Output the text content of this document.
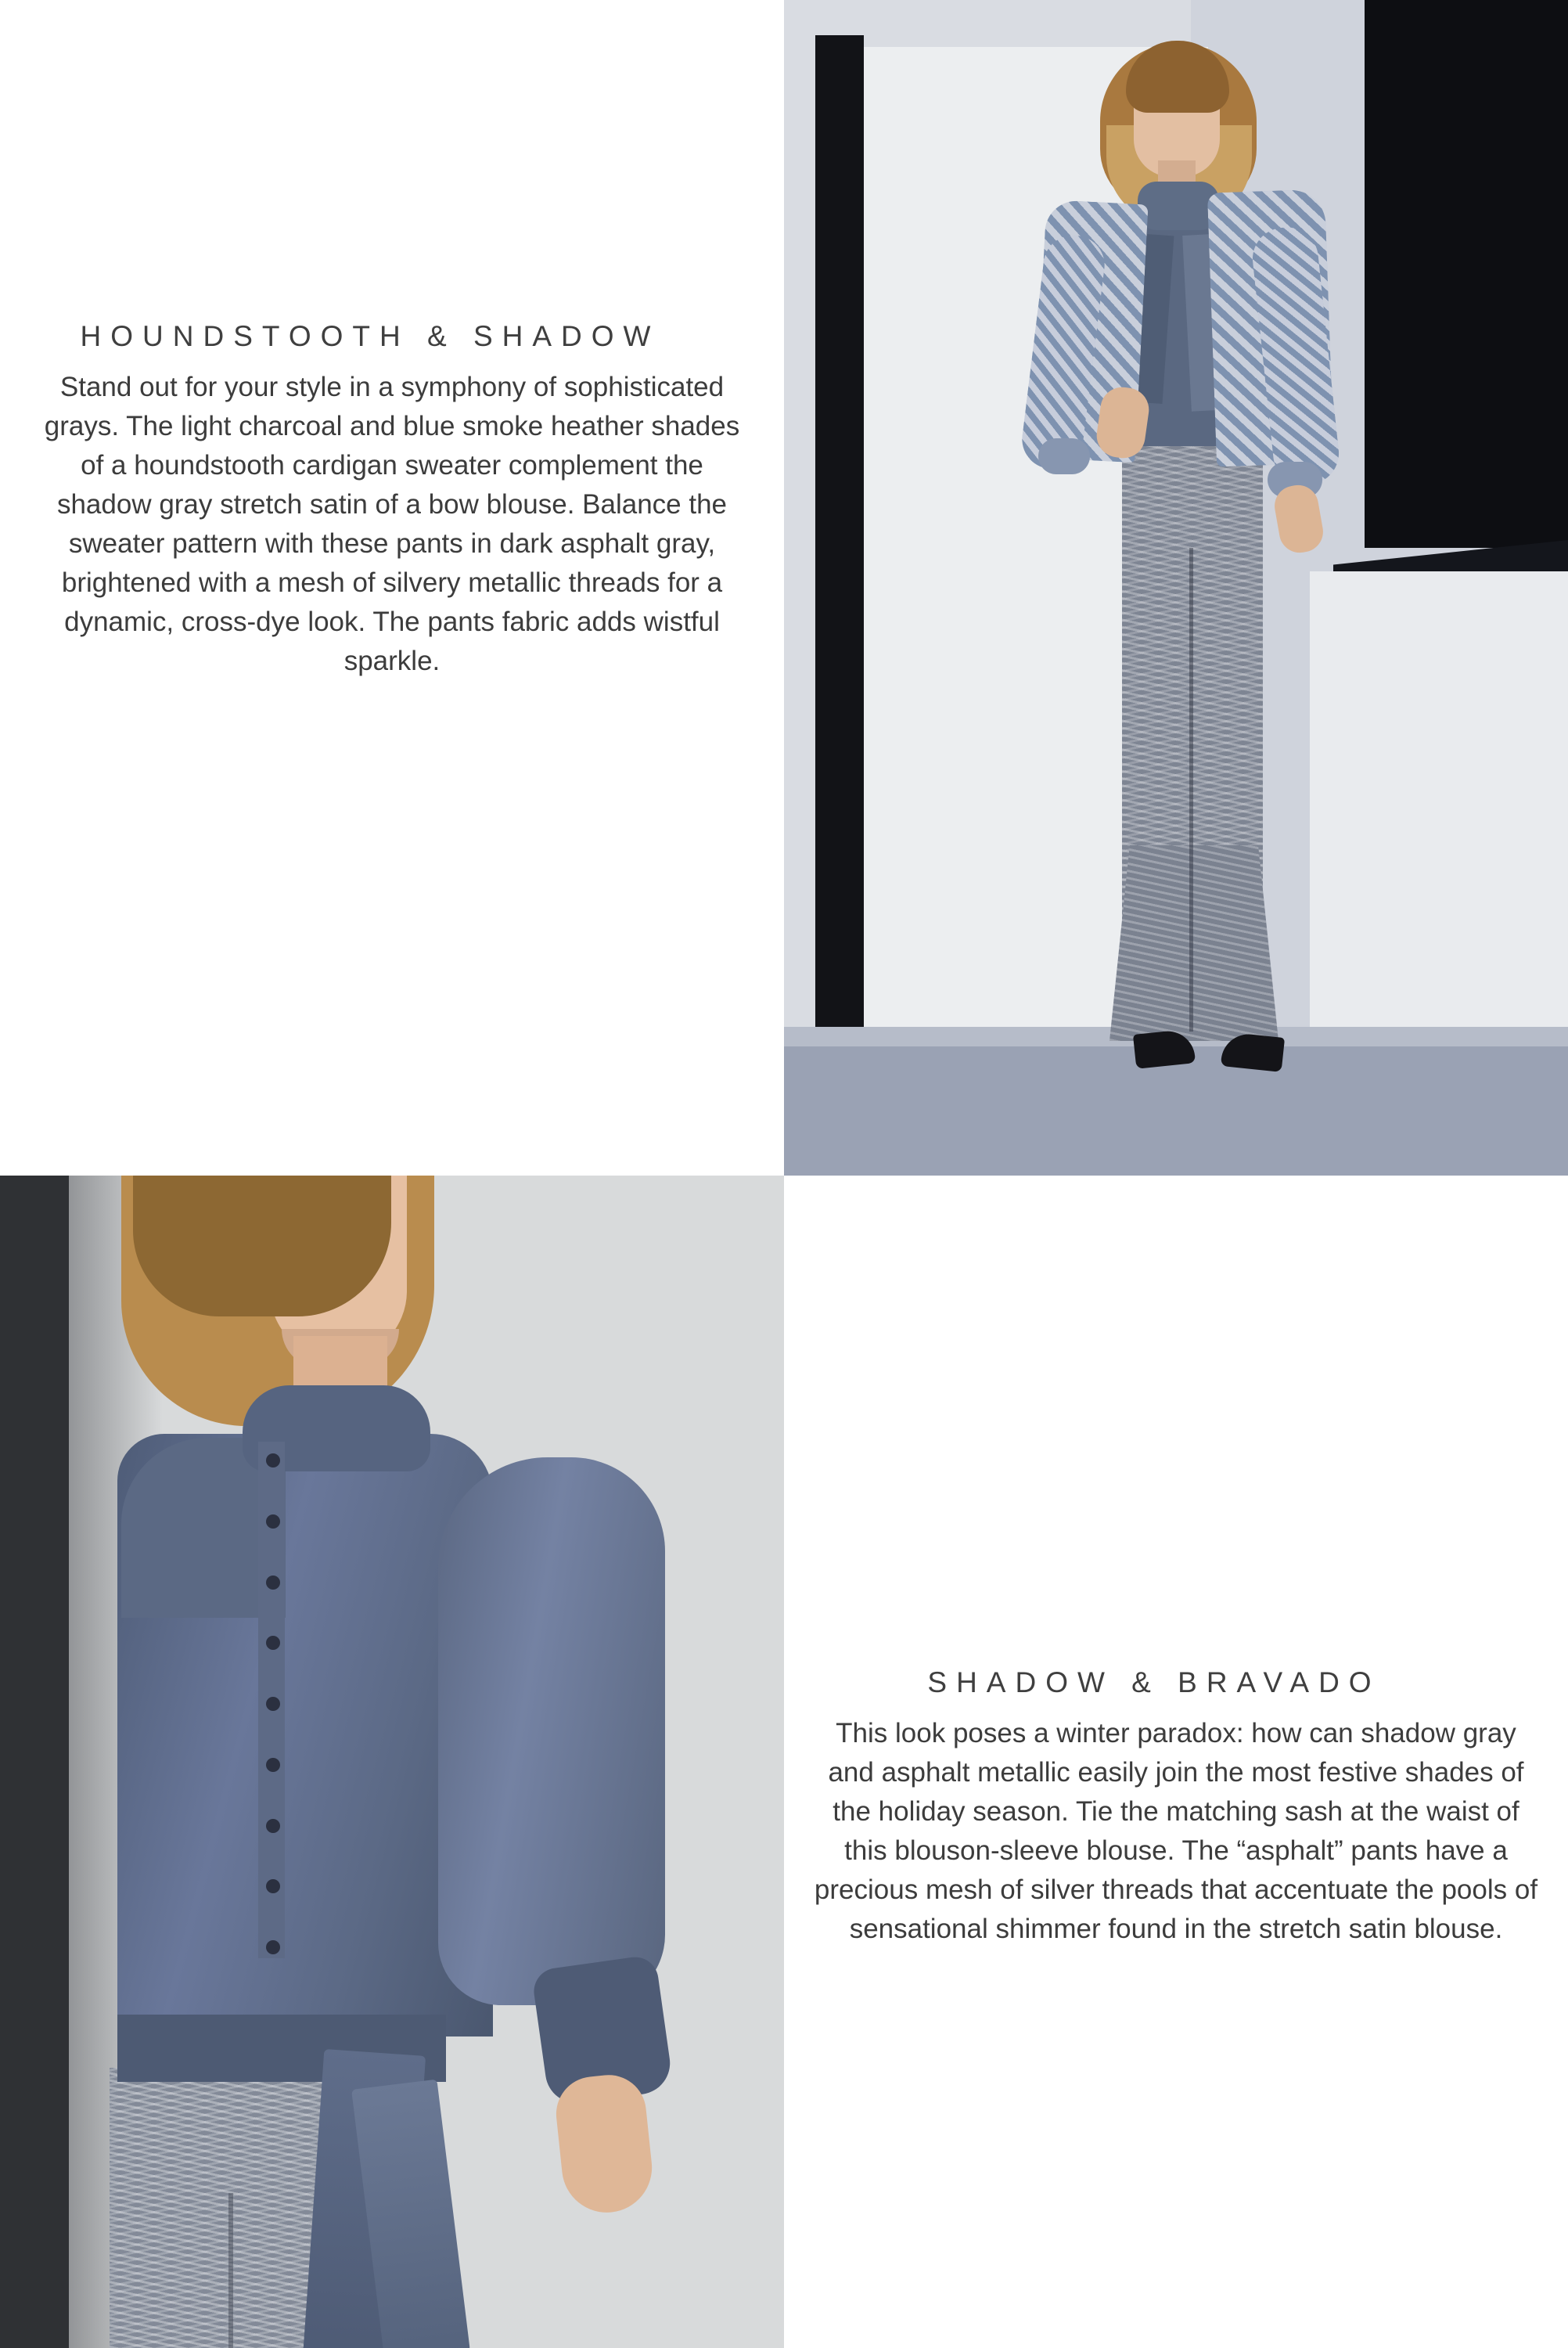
HOUNDSTOOTH & SHADOW

Stand out for your style in a symphony of sophisticated grays. The light charcoal and blue smoke heather shades of a houndstooth cardigan sweater complement the shadow gray stretch satin of a bow blouse. Balance the sweater pattern with these pants in dark asphalt gray, brightened with a mesh of silvery metallic threads for a dynamic, cross-dye look. The pants fabric adds wistful sparkle.

SHADOW & BRAVADO

This look poses a winter paradox: how can shadow gray and asphalt metallic easily join the most festive shades of the holiday season. Tie the matching sash at the waist of this blouson-sleeve blouse. The “asphalt” pants have a precious mesh of silver threads that accentuate the pools of sensational shimmer found in the stretch satin blouse.
